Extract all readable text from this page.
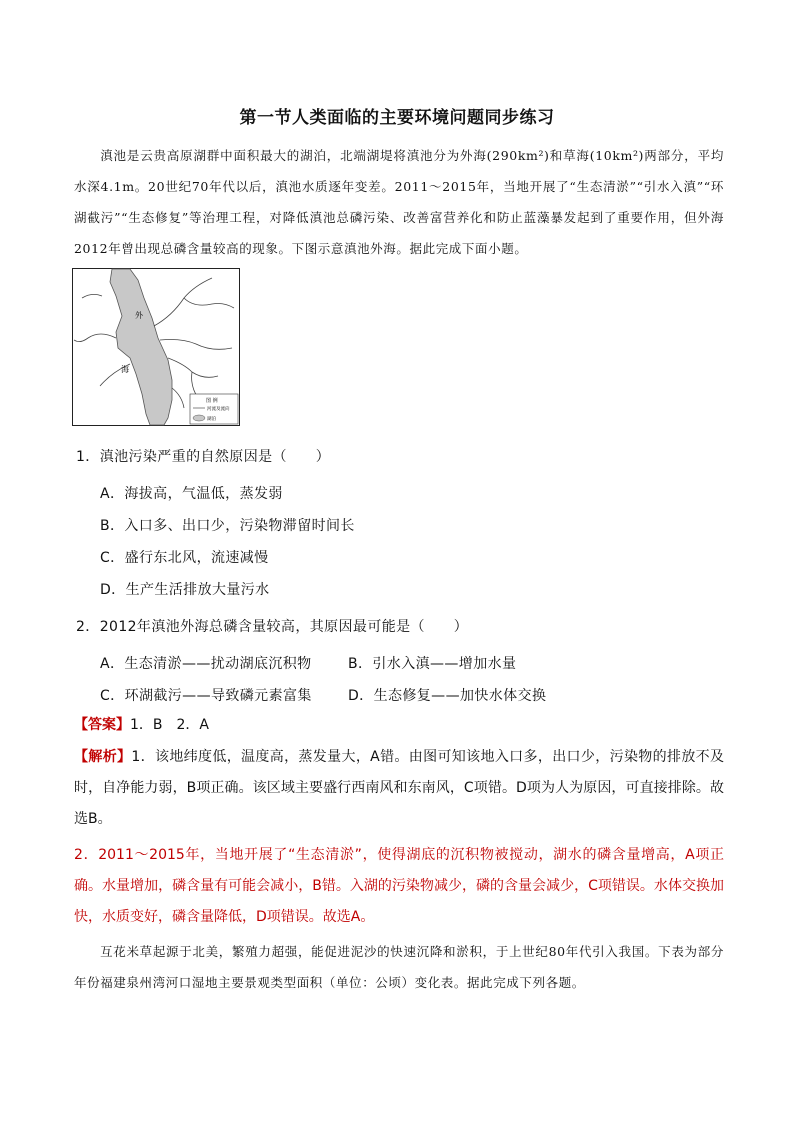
第一节人类面临的主要环境问题同步练习
滇池是云贵高原湖群中面积最大的湖泊，北端湖堤将滇池分为外海(290km²)和草海(10km²)两部分，平均水深4.1m。20世纪70年代以后，滇池水质逐年变差。2011～2015年，当地开展了“生态清淤”“引水入滇”“环湖截污”“生态修复”等治理工程，对降低滇池总磷污染、改善富营养化和防止蓝藻暴发起到了重要作用，但外海2012年曾出现总磷含量较高的现象。下图示意滇池外海。据此完成下面小题。
图 例
河流及流向
湖泊
外
海
1．滇池污染严重的自然原因是（　　）
A．海拔高，气温低，蒸发弱
B．入口多、出口少，污染物滞留时间长
C．盛行东北风，流速减慢
D．生产生活排放大量污水
2．2012年滇池外海总磷含量较高，其原因最可能是（　　）
A．生态清淤——扰动湖底沉积物	B．引水入滇——增加水量
C．环湖截污——导致磷元素富集	D．生态修复——加快水体交换
【答案】1．B　2．A
【解析】1．该地纬度低，温度高，蒸发量大，A错。由图可知该地入口多，出口少，污染物的排放不及时，自净能力弱，B项正确。该区域主要盛行西南风和东南风，C项错。D项为人为原因，可直接排除。故选B。
2．2011～2015年，当地开展了“生态清淤”，使得湖底的沉积物被搅动，湖水的磷含量增高，A项正确。水量增加，磷含量有可能会减小，B错。入湖的污染物减少，磷的含量会减少，C项错误。水体交换加快，水质变好，磷含量降低，D项错误。故选A。
互花米草起源于北美，繁殖力超强，能促进泥沙的快速沉降和淤积，于上世纪80年代引入我国。下表为部分年份福建泉州湾河口湿地主要景观类型面积（单位：公顷）变化表。据此完成下列各题。
